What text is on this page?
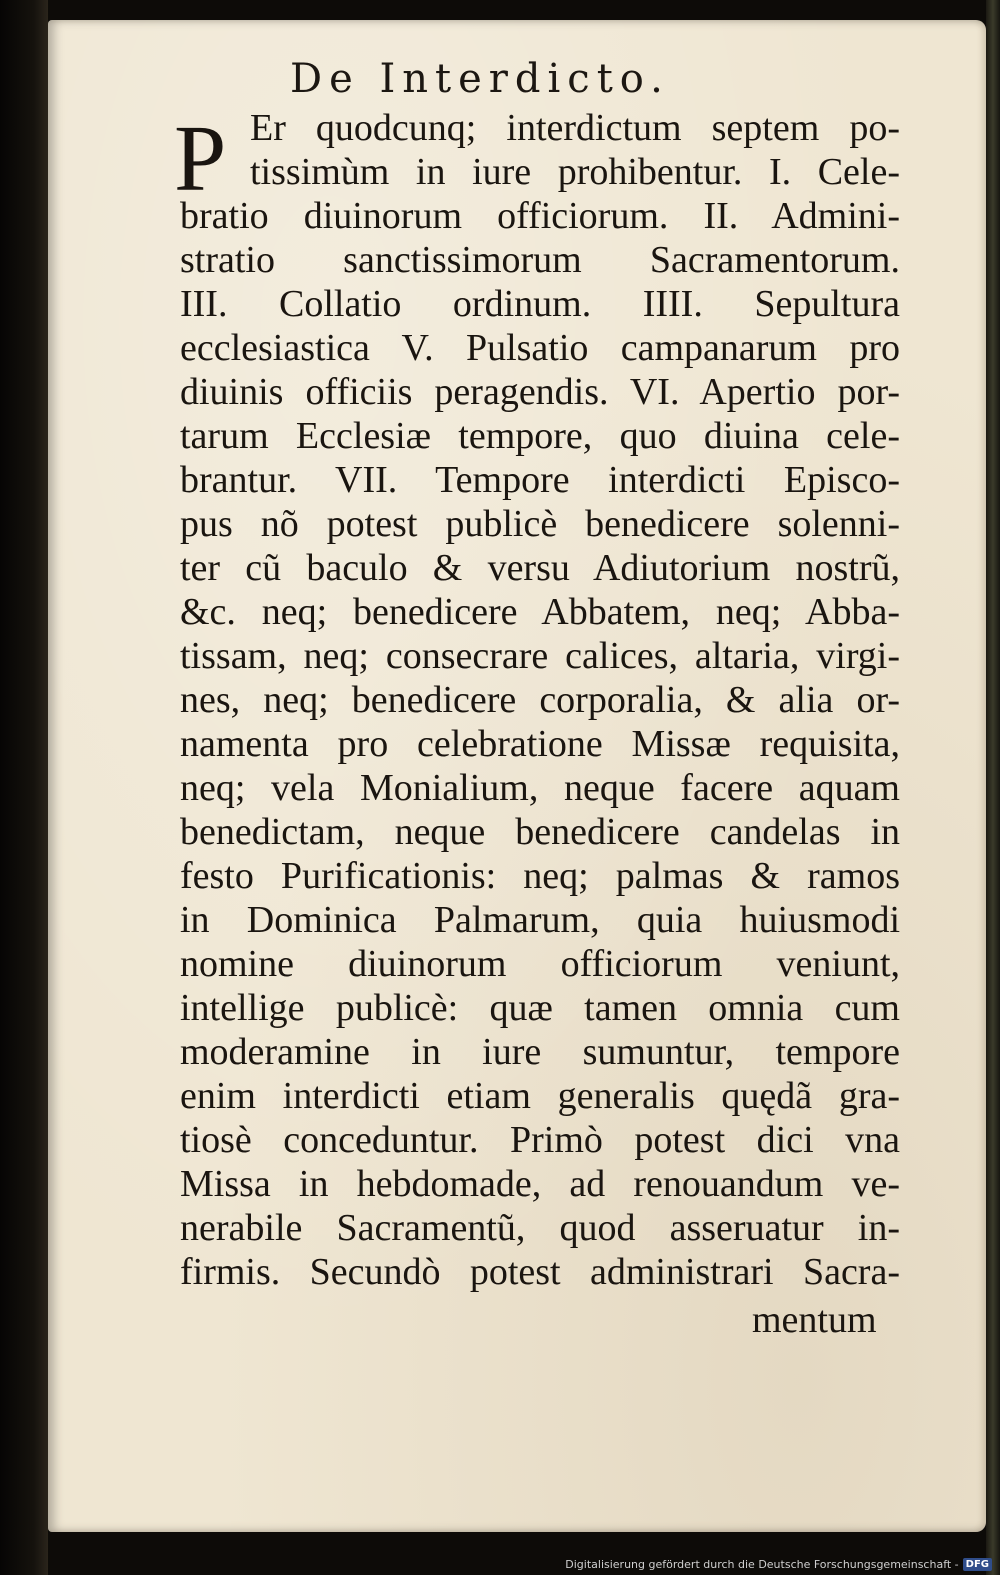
De Interdicto.
P Er quodcunq; interdictum septem po-
tissimùm in iure prohibentur. I. Cele-
bratio diuinorum officiorum. II. Admini-
stratio sanctissimorum Sacramentorum.
III. Collatio ordinum. IIII. Sepultura
ecclesiastica V. Pulsatio campanarum pro
diuinis officiis peragendis. VI. Apertio por-
tarum Ecclesiæ tempore, quo diuina cele-
brantur. VII. Tempore interdicti Episco-
pus nõ potest publicè benedicere solenni-
ter cũ baculo & versu Adiutorium nostrũ,
&c. neq; benedicere Abbatem, neq; Abba-
tissam, neq; consecrare calices, altaria, virgi-
nes, neq; benedicere corporalia, & alia or-
namenta pro celebratione Missæ requisita,
neq; vela Monialium, neque facere aquam
benedictam, neque benedicere candelas in
festo Purificationis: neq; palmas & ramos
in Dominica Palmarum, quia huiusmodi
nomine diuinorum officiorum veniunt,
intellige publicè: quæ tamen omnia cum
moderamine in iure sumuntur, tempore
enim interdicti etiam generalis quędã gra-
tiosè conceduntur. Primò potest dici vna
Missa in hebdomade, ad renouandum ve-
nerabile Sacramentũ, quod asseruatur in-
firmis. Secundò potest administrari Sacra-
mentum
Digitalisierung gefördert durch die Deutsche Forschungsgemeinschaft - DFG
